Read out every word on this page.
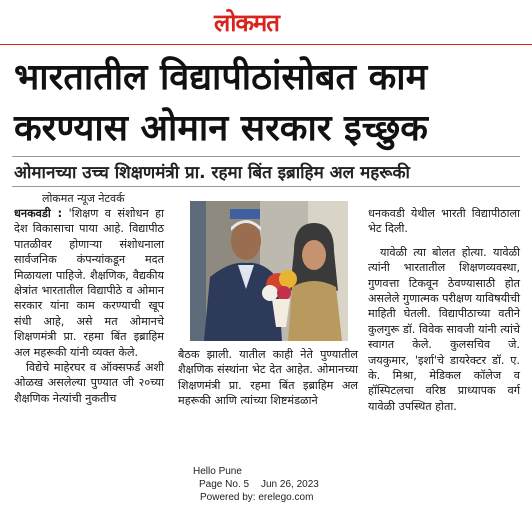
लोकमत
भारतातील विद्यापीठांसोबत काम करण्यास ओमान सरकार इच्छुक
ओमानच्या उच्च शिक्षणमंत्री प्रा. रहमा बिंत इब्राहिम अल महरूकी
लोकमत न्यूज नेटवर्क

धनकवडी : 'शिक्षण व संशोधन हा देश विकासाचा पाया आहे. विद्यापीठ पातळीवर होणाऱ्या संशोधनाला सार्वजनिक कंपन्यांकडून मदत मिळायला पाहिजे. शैक्षणिक, वैद्यकीय क्षेत्रांत भारतातील विद्यापीठे व ओमान सरकार यांना काम करण्याची खूप संधी आहे, असे मत ओमानचे शिक्षणमंत्री प्रा. रहमा बिंत इब्राहिम अल महरूकी यांनी व्यक्त केले.

विद्येचे माहेरघर व ऑक्सफर्ड अशी ओळख असलेल्या पुण्यात जी २०च्या शैक्षणिक नेत्यांची नुकतीच

बैठक झाली. यातील काही नेते पुण्यातील शैक्षणिक संस्थांना भेट देत आहेत. ओमानच्या शिक्षणमंत्री प्रा. रहमा बिंत इब्राहिम अल महरूकी आणि त्यांच्या शिष्टमंडळाने

धनकवडी येथील भारती विद्यापीठाला भेट दिली.

यावेळी त्या बोलत होत्या. यावेळी त्यांनी भारतातील शिक्षणव्यवस्था, गुणवत्ता टिकवून ठेवण्यासाठी होत असलेले गुणात्मक परीक्षण याविषयीची माहिती घेतली. विद्यापीठाच्या वतीने कुलगुरू डॉ. विवेक सावजी यांनी त्यांचे स्वागत केले. कुलसचिव जे. जयकुमार, 'इर्शा'चे डायरेक्टर डॉ. ए. के. मिश्रा, मेडिकल कॉलेज व हॉस्पिटलचा वरिष्ठ प्राध्यापक वर्ग यावेळी उपस्थित होता.

Hello Pune
Page No. 5 Jun 26, 2023
Powered by: erelego.com
